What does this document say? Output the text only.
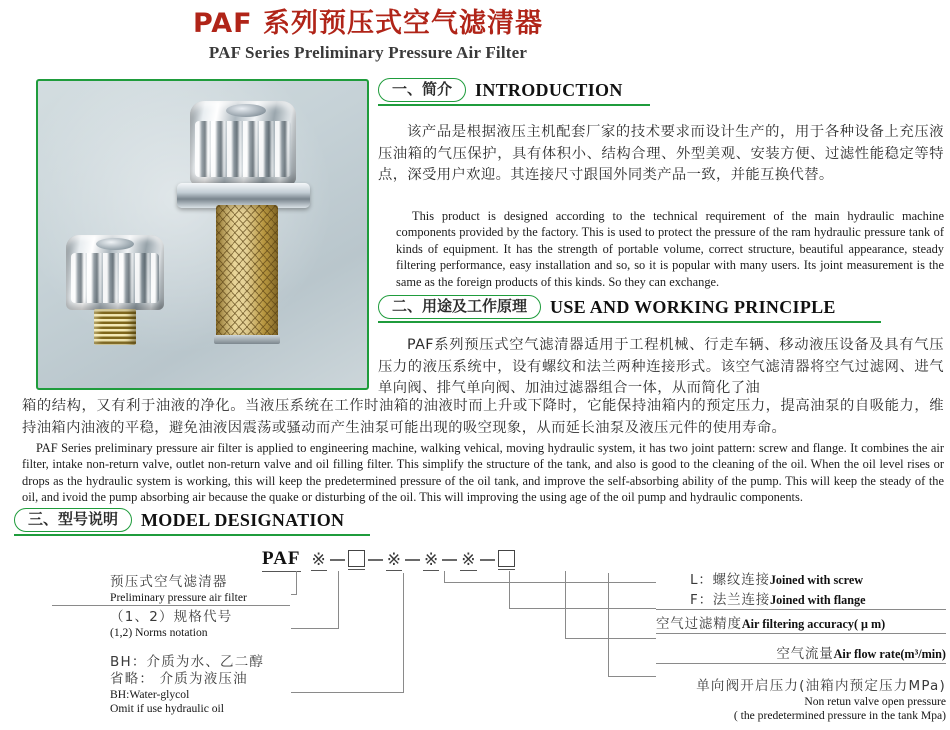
PAF 系列预压式空气滤清器
PAF Series Preliminary Pressure Air Filter
一、简介	INTRODUCTION
该产品是根据液压主机配套厂家的技术要求而设计生产的，用于各种设备上充压液压油箱的气压保护，具有体积小、结构合理、外型美观、安装方便、过滤性能稳定等特点，深受用户欢迎。其连接尺寸跟国外同类产品一致，并能互换代替。
This product is designed according to the technical requirement of the main hydraulic machine components provided by the factory. This is used to protect the pressure of the ram hydraulic pressure tank of kinds of equipment. It has the strength of portable volume, correct structure, beautiful appearance, steady filtering performance, easy installation and so, so it is popular with many users. Its joint measurement is the same as the foreign products of this kinds. So they can exchange.
二、用途及工作原理	USE AND WORKING PRINCIPLE
PAF系列预压式空气滤清器适用于工程机械、行走车辆、移动液压设备及具有气压压力的液压系统中，设有螺纹和法兰两种连接形式。该空气滤清器将空气过滤网、进气单向阀、排气单向阀、加油过滤器组合一体，从而简化了油
箱的结构，又有利于油液的净化。当液压系统在工作时油箱的油液时而上升或下降时，它能保持油箱内的预定压力，提高油泵的自吸能力，维持油箱内油液的平稳，避免油液因震荡或骚动而产生油泵可能出现的吸空现象，从而延长油泵及液压元件的使用寿命。
PAF Series preliminary pressure air filter is applied to engineering machine, walking vehical, moving hydraulic system, it has two joint pattern: screw and flange. It combines the air filter, intake non-return valve, outlet non-return valve and oil filling filter. This simplify the structure of the tank, and also is good to the cleaning of the oil. When the oil level rises or drops as the hydraulic system is working, this will keep the predetermined pressure of the oil tank, and improve the self-absorbing ability of the pump. This will keep the steady of the oil, and ivoid the pump absorbing air because the quake or disturbing of the oil. This will improving the using age of the oil pump and hydraulic components.
三、型号说明	MODEL DESIGNATION
PAF ※	※ ※ ※
预压式空气滤清器
Preliminary pressure air filter
（1、2）规格代号
(1,2) Norms notation
BH：介质为水、乙二醇
省略： 介质为液压油
BH:Water-glycol
Omit if use hydraulic oil
L：螺纹连接Joined with screw
F：法兰连接Joined with flange
空气过滤精度Air filtering accuracy( μ m)
空气流量Air flow rate(m³/min)
单向阀开启压力(油箱内预定压力MPa)
Non retun valve open pressure
( the predetermined pressure in the tank Mpa)
